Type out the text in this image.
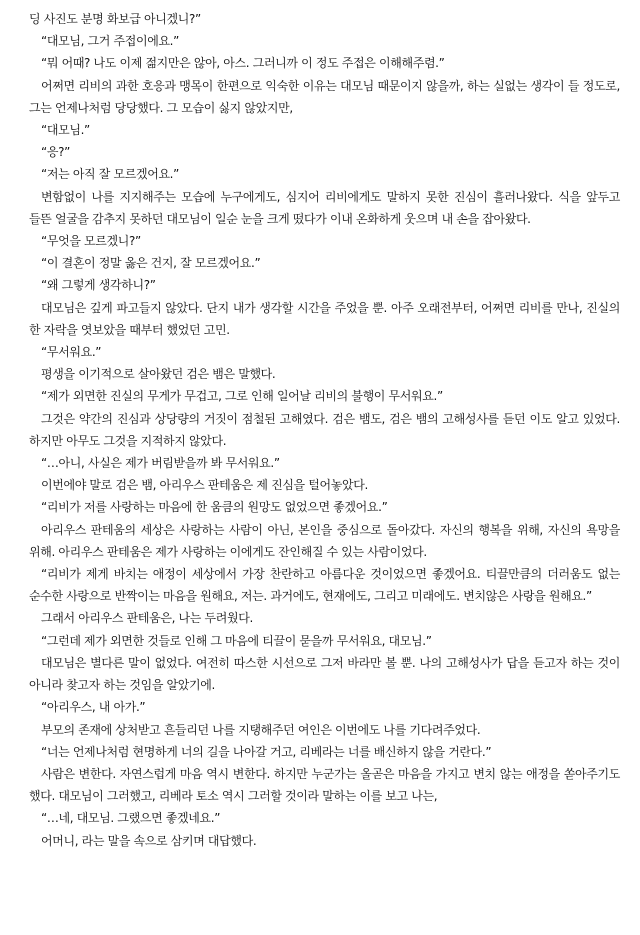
딩 사진도 분명 화보급 아니겠니?”

“대모님, 그거 주접이에요.”

“뭐 어때? 나도 이제 젊지만은 않아, 아스. 그러니까 이 정도 주접은 이해해주렴.”

어쩌면 리비의 과한 호응과 맹목이 한편으로 익숙한 이유는 대모님 때문이지 않을까, 하는 실없는 생각이 들 정도로, 그는 언제나처럼 당당했다. 그 모습이 싫지 않았지만,

“대모님.”

“응?”

“저는 아직 잘 모르겠어요.”

변함없이 나를 지지해주는 모습에 누구에게도, 심지어 리비에게도 말하지 못한 진심이 흘러나왔다. 식을 앞두고 들뜬 얼굴을 감추지 못하던 대모님이 일순 눈을 크게 떴다가 이내 온화하게 웃으며 내 손을 잡아왔다.

“무엇을 모르겠니?”

“이 결혼이 정말 옳은 건지, 잘 모르겠어요.”

“왜 그렇게 생각하니?”

대모님은 깊게 파고들지 않았다. 단지 내가 생각할 시간을 주었을 뿐. 아주 오래전부터, 어쩌면 리비를 만나, 진실의 한 자락을 엿보았을 때부터 했었던 고민.

“무서워요.”

평생을 이기적으로 살아왔던 검은 뱀은 말했다.

“제가 외면한 진실의 무게가 무겁고, 그로 인해 일어날 리비의 불행이 무서워요.”

그것은 약간의 진심과 상당량의 거짓이 점철된 고해였다. 검은 뱀도, 검은 뱀의 고해성사를 듣던 이도 알고 있었다. 하지만 아무도 그것을 지적하지 않았다.

“…아니, 사실은 제가 버림받을까 봐 무서워요.”

이번에야 말로 검은 뱀, 아리우스 판테움은 제 진심을 털어놓았다.

“리비가 저를 사랑하는 마음에 한 움큼의 원망도 없었으면 좋겠어요.”

아리우스 판테움의 세상은 사랑하는 사람이 아닌, 본인을 중심으로 돌아갔다. 자신의 행복을 위해, 자신의 욕망을 위해. 아리우스 판테움은 제가 사랑하는 이에게도 잔인해질 수 있는 사람이었다.

“리비가 제게 바치는 애정이 세상에서 가장 찬란하고 아름다운 것이었으면 좋겠어요. 티끌만큼의 더러움도 없는 순수한 사랑으로 반짝이는 마음을 원해요, 저는. 과거에도, 현재에도, 그리고 미래에도. 변치않은 사랑을 원해요.”

그래서 아리우스 판테움은, 나는 두려웠다.

“그런데 제가 외면한 것들로 인해 그 마음에 티끌이 묻을까 무서워요, 대모님.”

대모님은 별다른 말이 없었다. 여전히 따스한 시선으로 그저 바라만 볼 뿐. 나의 고해성사가 답을 듣고자 하는 것이 아니라 찾고자 하는 것임을 알았기에.

“아리우스, 내 아가.”

부모의 존재에 상처받고 흔들리던 나를 지탱해주던 여인은 이번에도 나를 기다려주었다.

“너는 언제나처럼 현명하게 너의 길을 나아갈 거고, 리베라는 너를 배신하지 않을 거란다.”

사람은 변한다. 자연스럽게 마음 역시 변한다. 하지만 누군가는 올곧은 마음을 가지고 변치 않는 애정을 쏟아주기도 했다. 대모님이 그러했고, 리베라 토소 역시 그러할 것이라 말하는 이를 보고 나는,

“…네, 대모님. 그랬으면 좋겠네요.”

어머니, 라는 말을 속으로 삼키며 대답했다.
